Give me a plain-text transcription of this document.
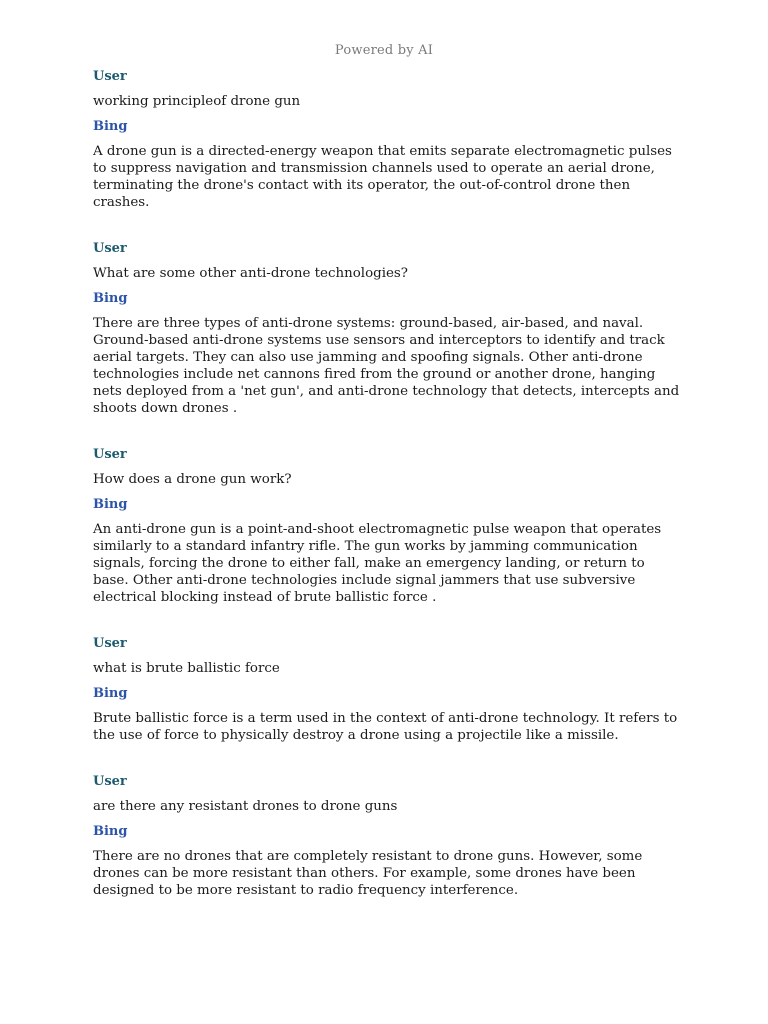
Powered by AI
User
working principleof drone gun
Bing
A drone gun is a directed-energy weapon that emits separate electromagnetic pulses to suppress navigation and transmission channels used to operate an aerial drone, terminating the drone's contact with its operator, the out-of-control drone then crashes.
User
What are some other anti-drone technologies?
Bing
There are three types of anti-drone systems: ground-based, air-based, and naval. Ground-based anti-drone systems use sensors and interceptors to identify and track aerial targets. They can also use jamming and spoofing signals. Other anti-drone technologies include net cannons fired from the ground or another drone, hanging nets deployed from a 'net gun', and anti-drone technology that detects, intercepts and shoots down drones .
User
How does a drone gun work?
Bing
An anti-drone gun is a point-and-shoot electromagnetic pulse weapon that operates similarly to a standard infantry rifle. The gun works by jamming communication signals, forcing the drone to either fall, make an emergency landing, or return to base. Other anti-drone technologies include signal jammers that use subversive electrical blocking instead of brute ballistic force .
User
what is brute ballistic force
Bing
Brute ballistic force is a term used in the context of anti-drone technology. It refers to the use of force to physically destroy a drone using a projectile like a missile.
User
are there any resistant drones to drone guns
Bing
There are no drones that are completely resistant to drone guns. However, some drones can be more resistant than others. For example, some drones have been designed to be more resistant to radio frequency interference.
